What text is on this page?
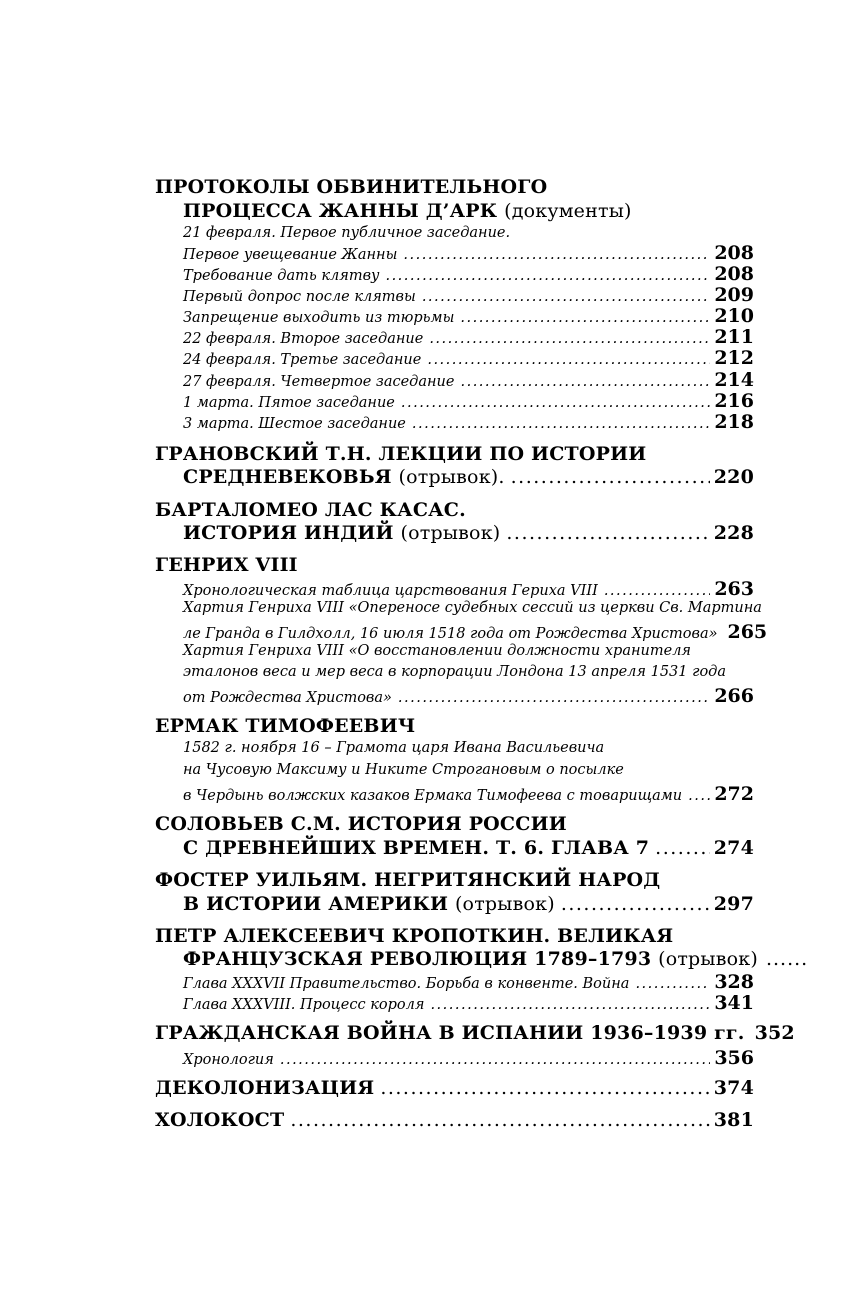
ПРОТОКОЛЫ ОБВИНИТЕЛЬНОГО
ПРОЦЕССА ЖАННЫ Д’АРК
(документы)
21 февраля. Первое публичное заседание.
Первое увещевание Жанны .....	208
Требование дать клятву .....	208
Первый допрос после клятвы .....	209
Запрещение выходить из тюрьмы .....	210
22 февраля. Второе заседание .....	211
24 февраля. Третье заседание .....	212
27 февраля. Четвертое заседание .....	214
1 марта. Пятое заседание .....	216
3 марта. Шестое заседание .....	218
ГРАНОВСКИЙ Т.Н. ЛЕКЦИИ ПО ИСТОРИИ
СРЕДНЕВЕКОВЬЯ
(отрывок). .....	220
БАРТАЛОМЕО ЛАС КАСАС.
ИСТОРИЯ ИНДИЙ
(отрывок) .....	228
ГЕНРИХ VIII
Хронологическая таблица царствования Гериха VIII .....	263
Хартия Генриха VIII «Опереносе судебных сессий из церкви Св. Мартина
ле Гранда в Гилдхолл, 16 июля 1518 года от Рождества Христова» 265
Хартия Генриха VIII «О восстановлении должности хранителя
эталонов веса и мер веса в корпорации Лондона 13 апреля 1531 года
от Рождества Христова» .....	266
ЕРМАК ТИМОФЕЕВИЧ
1582 г. ноября 16 – Грамота царя Ивана Васильевича
на Чусовую Максиму и Никите Строгановым о посылке
в Чердынь волжских казаков Ермака Тимофеева с товарищами ..... 272
СОЛОВЬЕВ С.М. ИСТОРИЯ РОССИИ
С ДРЕВНЕЙШИХ ВРЕМЕН. Т. 6. ГЛАВА 7 .....	274
ФОСТЕР УИЛЬЯМ. НЕГРИТЯНСКИЙ НАРОД
В ИСТОРИИ АМЕРИКИ
(отрывок) .....	297
ПЕТР АЛЕКСЕЕВИЧ КРОПОТКИН. ВЕЛИКАЯ
ФРАНЦУЗСКАЯ РЕВОЛЮЦИЯ 1789–1793
(отрывок) ......
Глава XXXVII Правительство. Борьба в конвенте. Война .....	328
Глава XXXVIII. Процесс короля .....	341
ГРАЖДАНСКАЯ ВОЙНА В ИСПАНИИ 1936–1939 гг. 352
Хронология .....	356
ДЕКОЛОНИЗАЦИЯ .....	374
ХОЛОКОСТ .....	381
